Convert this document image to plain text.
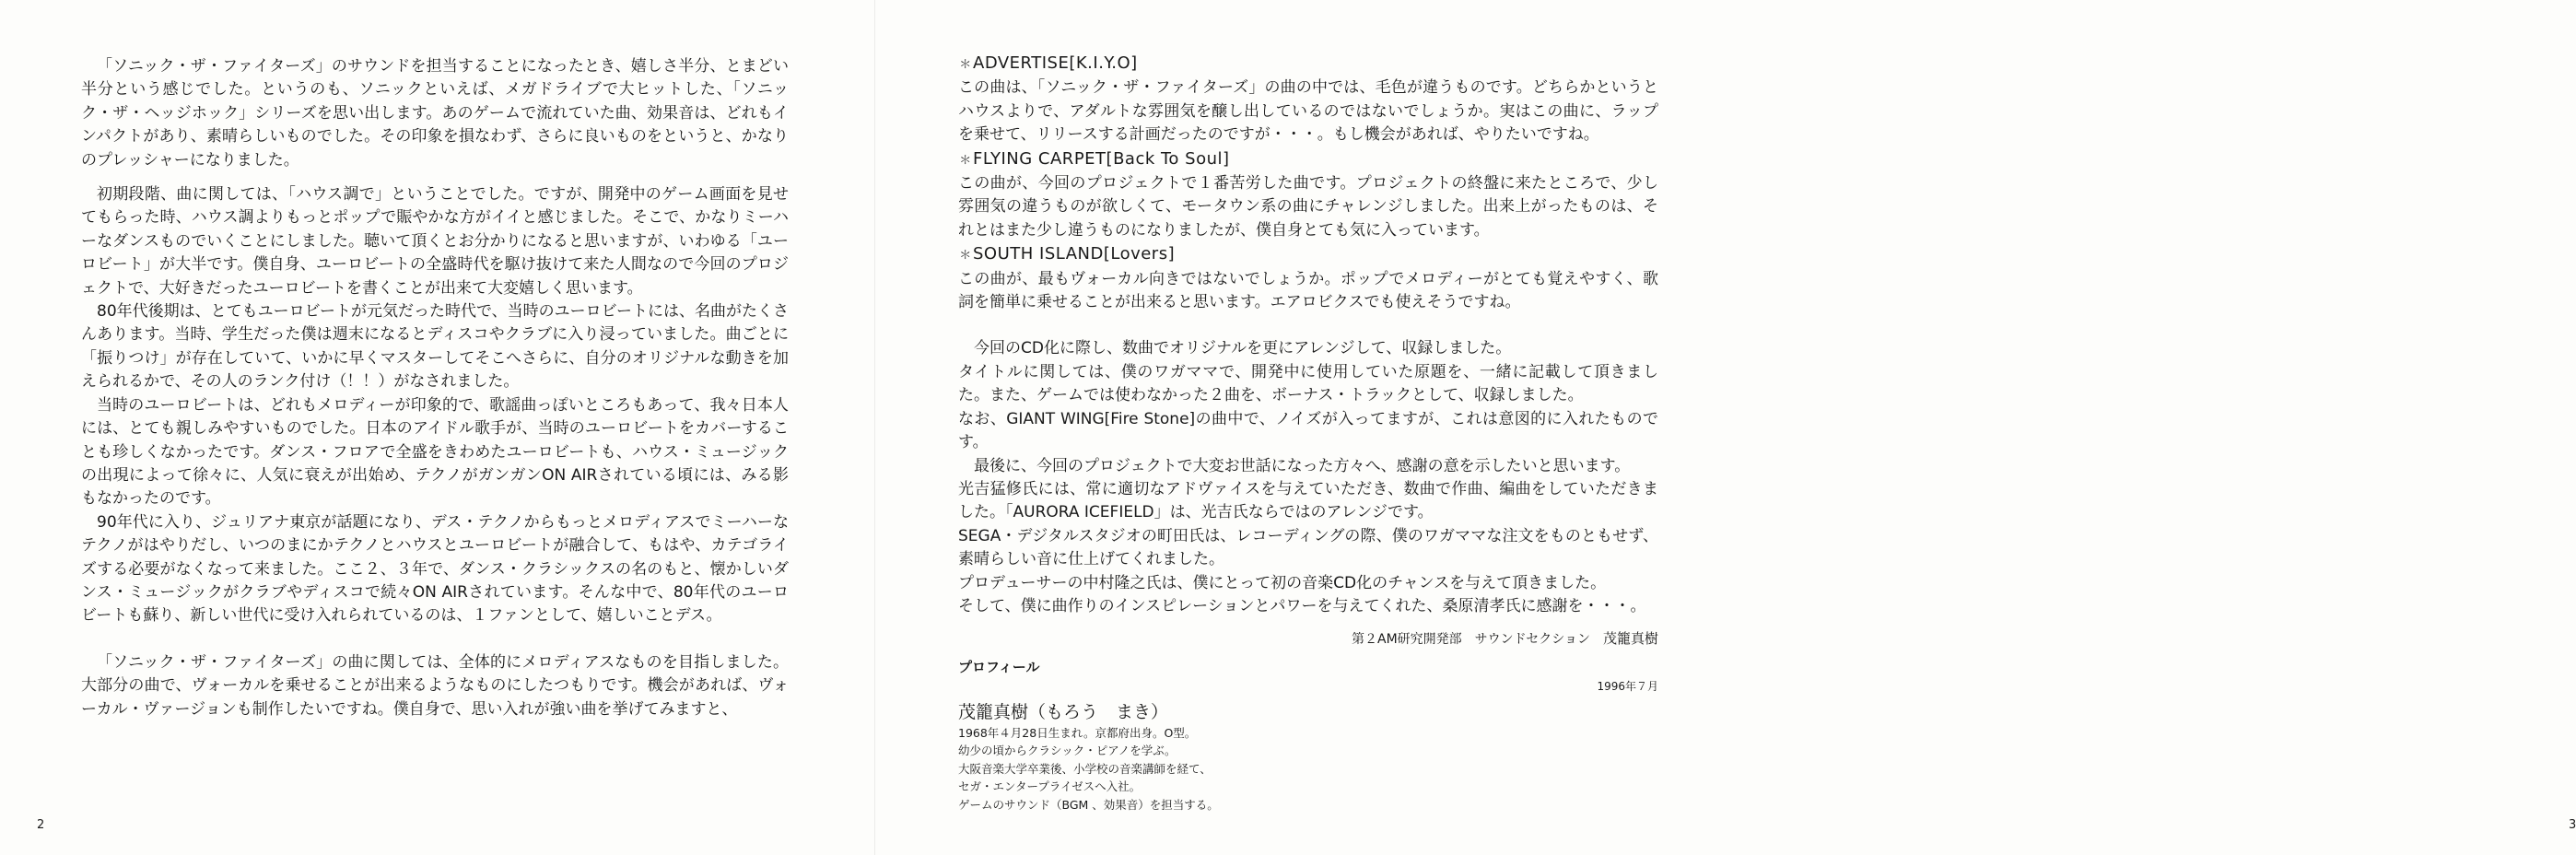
2	3

「ソニック・ザ・ファイターズ」のサウンドを担当することになったとき、嬉しさ半分、とまどい半分という感じでした。というのも、ソニックといえば、メガドライブで大ヒットした、「ソニック・ザ・ヘッジホック」シリーズを思い出します。あのゲームで流れていた曲、効果音は、どれもインパクトがあり、素晴らしいものでした。その印象を損なわず、さらに良いものをというと、かなりのプレッシャーになりました。

初期段階、曲に関しては、「ハウス調で」ということでした。ですが、開発中のゲーム画面を見せてもらった時、ハウス調よりもっとポップで賑やかな方がイイと感じました。そこで、かなりミーハーなダンスものでいくことにしました。聴いて頂くとお分かりになると思いますが、いわゆる「ユーロビート」が大半です。僕自身、ユーロビートの全盛時代を駆け抜けて来た人間なので今回のプロジェクトで、大好きだったユーロビートを書くことが出来て大変嬉しく思います。

80年代後期は、とてもユーロビートが元気だった時代で、当時のユーロビートには、名曲がたくさんあります。当時、学生だった僕は週末になるとディスコやクラブに入り浸っていました。曲ごとに「振りつけ」が存在していて、いかに早くマスターしてそこへさらに、自分のオリジナルな動きを加えられるかで、その人のランク付け（！！）がなされました。

当時のユーロビートは、どれもメロディーが印象的で、歌謡曲っぽいところもあって、我々日本人には、とても親しみやすいものでした。日本のアイドル歌手が、当時のユーロビートをカバーすることも珍しくなかったです。ダンス・フロアで全盛をきわめたユーロビートも、ハウス・ミュージックの出現によって徐々に、人気に衰えが出始め、テクノがガンガンON AIRされている頃には、みる影もなかったのです。

90年代に入り、ジュリアナ東京が話題になり、デス・テクノからもっとメロディアスでミーハーなテクノがはやりだし、いつのまにかテクノとハウスとユーロビートが融合して、もはや、カテゴライズする必要がなくなって来ました。ここ２、３年で、ダンス・クラシックスの名のもと、懐かしいダンス・ミュージックがクラブやディスコで続々ON AIRされています。そんな中で、80年代のユーロビートも蘇り、新しい世代に受け入れられているのは、１ファンとして、嬉しいことデス。

「ソニック・ザ・ファイターズ」の曲に関しては、全体的にメロディアスなものを目指しました。大部分の曲で、ヴォーカルを乗せることが出来るようなものにしたつもりです。機会があれば、ヴォーカル・ヴァージョンも制作したいですね。僕自身で、思い入れが強い曲を挙げてみますと、

＊ADVERTISE[K.I.Y.O]

この曲は、「ソニック・ザ・ファイターズ」の曲の中では、毛色が違うものです。どちらかというとハウスよりで、アダルトな雰囲気を醸し出しているのではないでしょうか。実はこの曲に、ラップを乗せて、リリースする計画だったのですが・・・。もし機会があれば、やりたいですね。

＊FLYING CARPET[Back To Soul]

この曲が、今回のプロジェクトで１番苦労した曲です。プロジェクトの終盤に来たところで、少し雰囲気の違うものが欲しくて、モータウン系の曲にチャレンジしました。出来上がったものは、それとはまた少し違うものになりましたが、僕自身とても気に入っています。

＊SOUTH ISLAND[Lovers]

この曲が、最もヴォーカル向きではないでしょうか。ポップでメロディーがとても覚えやすく、歌詞を簡単に乗せることが出来ると思います。エアロビクスでも使えそうですね。

今回のCD化に際し、数曲でオリジナルを更にアレンジして、収録しました。

タイトルに関しては、僕のワガママで、開発中に使用していた原題を、一緒に記載して頂きました。また、ゲームでは使わなかった２曲を、ボーナス・トラックとして、収録しました。

なお、GIANT WING[Fire Stone]の曲中で、ノイズが入ってますが、これは意図的に入れたものです。

最後に、今回のプロジェクトで大変お世話になった方々へ、感謝の意を示したいと思います。

光吉猛修氏には、常に適切なアドヴァイスを与えていただき、数曲で作曲、編曲をしていただきました。「AURORA ICEFIELD」は、光吉氏ならではのアレンジです。

SEGA・デジタルスタジオの町田氏は、レコーディングの際、僕のワガママな注文をものともせず、素晴らしい音に仕上げてくれました。

プロデューサーの中村隆之氏は、僕にとって初の音楽CD化のチャンスを与えて頂きました。

そして、僕に曲作りのインスピレーションとパワーを与えてくれた、桑原清孝氏に感謝を・・・。

第２AM研究開発部 サウンドセクション 茂籠真樹
プロフィール
1996年７月
茂籠真樹（もろう　まき）
1968年４月28日生まれ。京都府出身。O型。
幼少の頃からクラシック・ピアノを学ぶ。
大阪音楽大学卒業後、小学校の音楽講師を経て、
セガ・エンタープライゼスへ入社。
ゲームのサウンド（BGM 、効果音）を担当する。
